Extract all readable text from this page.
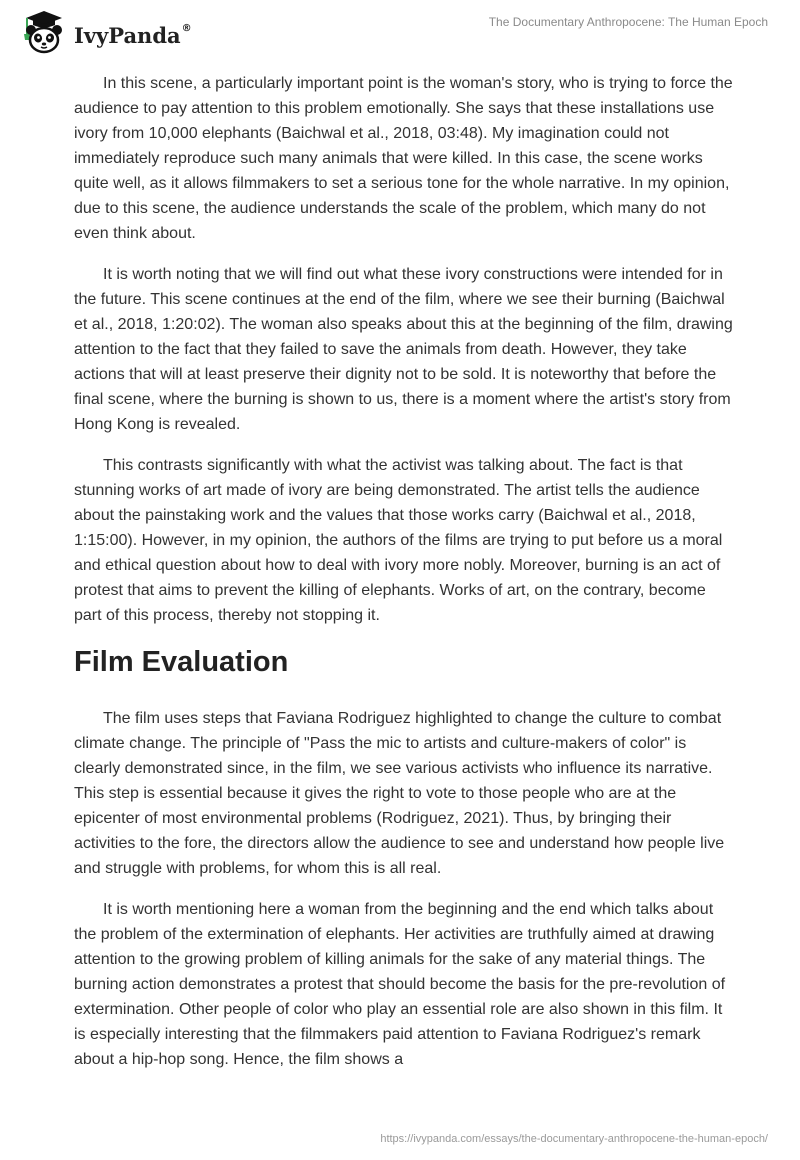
IvyPanda®	The Documentary Anthropocene: The Human Epoch

In this scene, a particularly important point is the woman's story, who is trying to force the audience to pay attention to this problem emotionally. She says that these installations use ivory from 10,000 elephants (Baichwal et al., 2018, 03:48). My imagination could not immediately reproduce such many animals that were killed. In this case, the scene works quite well, as it allows filmmakers to set a serious tone for the whole narrative. In my opinion, due to this scene, the audience understands the scale of the problem, which many do not even think about.

It is worth noting that we will find out what these ivory constructions were intended for in the future. This scene continues at the end of the film, where we see their burning (Baichwal et al., 2018, 1:20:02). The woman also speaks about this at the beginning of the film, drawing attention to the fact that they failed to save the animals from death. However, they take actions that will at least preserve their dignity not to be sold. It is noteworthy that before the final scene, where the burning is shown to us, there is a moment where the artist's story from Hong Kong is revealed.

This contrasts significantly with what the activist was talking about. The fact is that stunning works of art made of ivory are being demonstrated. The artist tells the audience about the painstaking work and the values that those works carry (Baichwal et al., 2018, 1:15:00). However, in my opinion, the authors of the films are trying to put before us a moral and ethical question about how to deal with ivory more nobly. Moreover, burning is an act of protest that aims to prevent the killing of elephants. Works of art, on the contrary, become part of this process, thereby not stopping it.

Film Evaluation

The film uses steps that Faviana Rodriguez highlighted to change the culture to combat climate change. The principle of "Pass the mic to artists and culture-makers of color" is clearly demonstrated since, in the film, we see various activists who influence its narrative. This step is essential because it gives the right to vote to those people who are at the epicenter of most environmental problems (Rodriguez, 2021). Thus, by bringing their activities to the fore, the directors allow the audience to see and understand how people live and struggle with problems, for whom this is all real.

It is worth mentioning here a woman from the beginning and the end which talks about the problem of the extermination of elephants. Her activities are truthfully aimed at drawing attention to the growing problem of killing animals for the sake of any material things. The burning action demonstrates a protest that should become the basis for the pre-revolution of extermination. Other people of color who play an essential role are also shown in this film. It is especially interesting that the filmmakers paid attention to Faviana Rodriguez's remark about a hip-hop song. Hence, the film shows a

https://ivypanda.com/essays/the-documentary-anthropocene-the-human-epoch/
